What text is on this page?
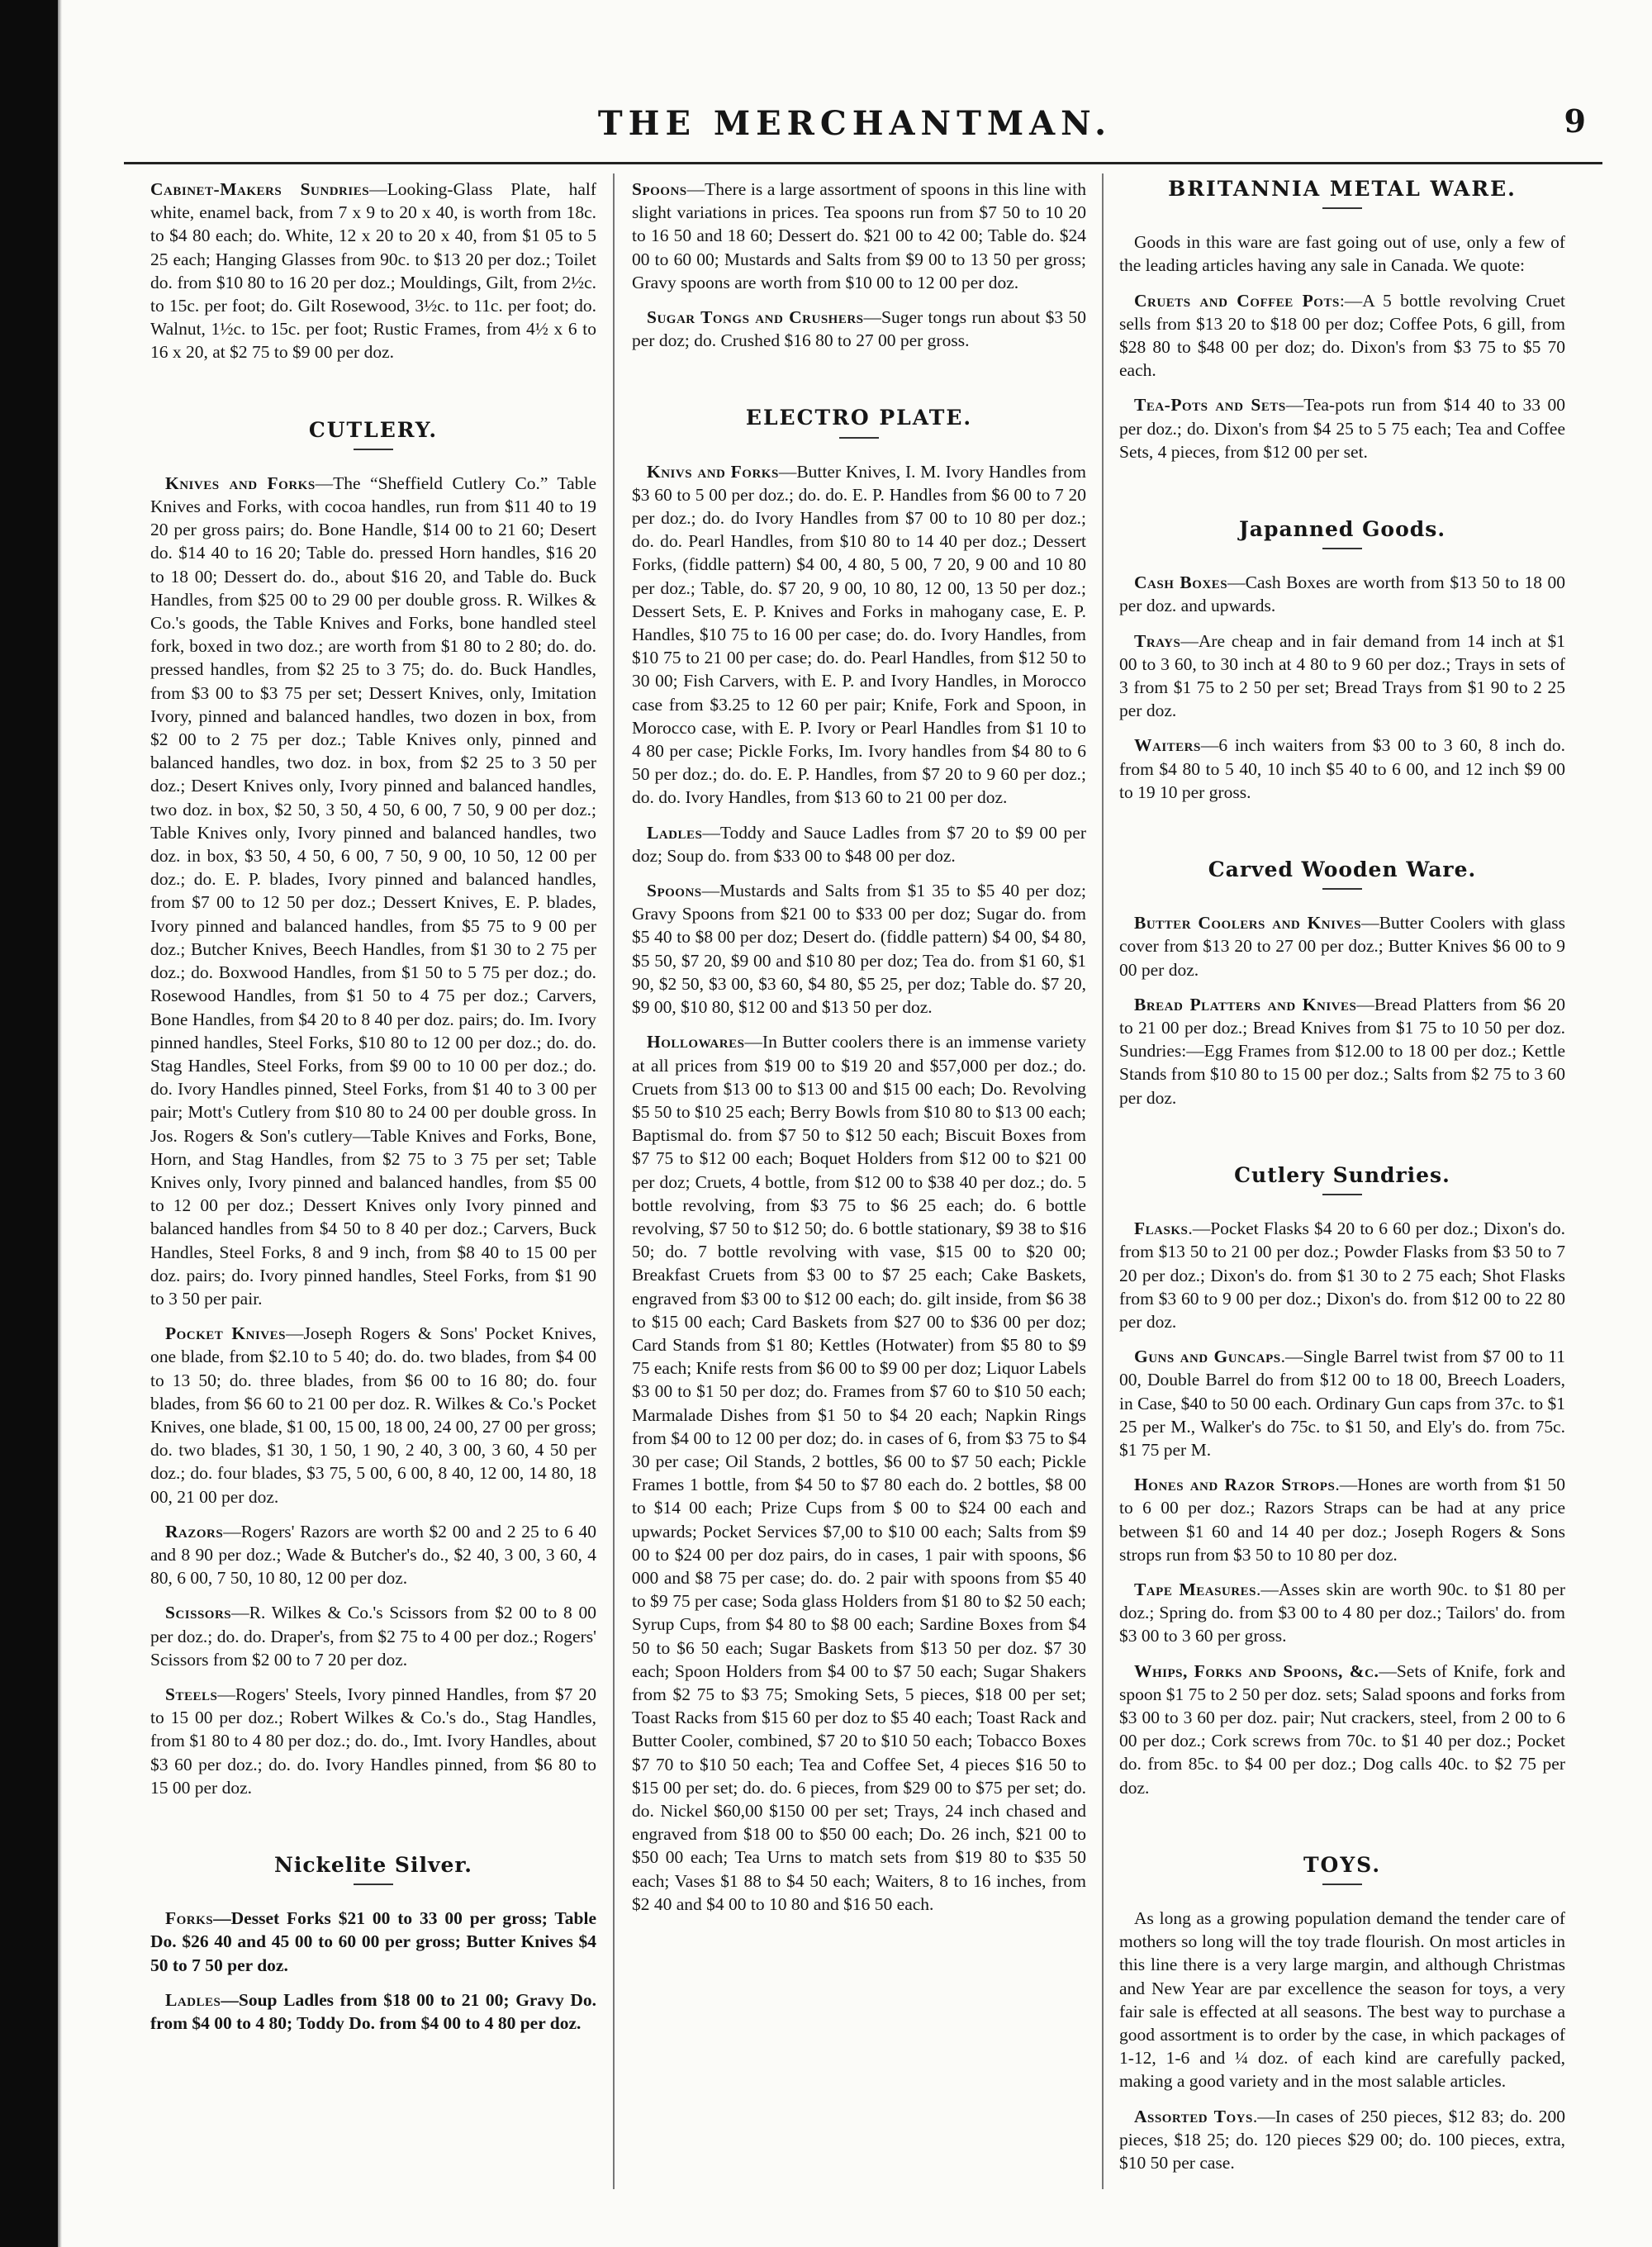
THE MERCHANTMAN.	9

Cabinet-Makers Sundries—Looking-Glass Plate, half white, enamel back, from 7 x 9 to 20 x 40, is worth from 18c. to $4 80 each; do. White, 12 x 20 to 20 x 40, from $1 05 to 5 25 each; Hanging Glasses from 90c. to $13 20 per doz.; Toilet do. from $10 80 to 16 20 per doz.; Mouldings, Gilt, from 2½c. to 15c. per foot; do. Gilt Rosewood, 3½c. to 11c. per foot; do. Walnut, 1½c. to 15c. per foot; Rustic Frames, from 4½ x 6 to 16 x 20, at $2 75 to $9 00 per doz.

CUTLERY.

Knives and Forks—The “Sheffield Cutlery Co.” Table Knives and Forks, with cocoa handles, run from $11 40 to 19 20 per gross pairs; do. Bone Handle, $14 00 to 21 60; Desert do. $14 40 to 16 20; Table do. pressed Horn handles, $16 20 to 18 00; Dessert do. do., about $16 20, and Table do. Buck Handles, from $25 00 to 29 00 per double gross. R. Wilkes & Co.'s goods, the Table Knives and Forks, bone handled steel fork, boxed in two doz.; are worth from $1 80 to 2 80; do. do. pressed handles, from $2 25 to 3 75; do. do. Buck Handles, from $3 00 to $3 75 per set; Dessert Knives, only, Imitation Ivory, pinned and balanced handles, two dozen in box, from $2 00 to 2 75 per doz.; Table Knives only, pinned and balanced handles, two doz. in box, from $2 25 to 3 50 per doz.; Desert Knives only, Ivory pinned and balanced handles, two doz. in box, $2 50, 3 50, 4 50, 6 00, 7 50, 9 00 per doz.; Table Knives only, Ivory pinned and balanced handles, two doz. in box, $3 50, 4 50, 6 00, 7 50, 9 00, 10 50, 12 00 per doz.; do. E. P. blades, Ivory pinned and balanced handles, from $7 00 to 12 50 per doz.; Dessert Knives, E. P. blades, Ivory pinned and balanced handles, from $5 75 to 9 00 per doz.; Butcher Knives, Beech Handles, from $1 30 to 2 75 per doz.; do. Boxwood Handles, from $1 50 to 5 75 per doz.; do. Rosewood Handles, from $1 50 to 4 75 per doz.; Carvers, Bone Handles, from $4 20 to 8 40 per doz. pairs; do. Im. Ivory pinned handles, Steel Forks, $10 80 to 12 00 per doz.; do. do. Stag Handles, Steel Forks, from $9 00 to 10 00 per doz.; do. do. Ivory Handles pinned, Steel Forks, from $1 40 to 3 00 per pair; Mott's Cutlery from $10 80 to 24 00 per double gross. In Jos. Rogers & Son's cutlery—Table Knives and Forks, Bone, Horn, and Stag Handles, from $2 75 to 3 75 per set; Table Knives only, Ivory pinned and balanced handles, from $5 00 to 12 00 per doz.; Dessert Knives only Ivory pinned and balanced handles from $4 50 to 8 40 per doz.; Carvers, Buck Handles, Steel Forks, 8 and 9 inch, from $8 40 to 15 00 per doz. pairs; do. Ivory pinned handles, Steel Forks, from $1 90 to 3 50 per pair.

Pocket Knives—Joseph Rogers & Sons' Pocket Knives, one blade, from $2.10 to 5 40; do. do. two blades, from $4 00 to 13 50; do. three blades, from $6 00 to 16 80; do. four blades, from $6 60 to 21 00 per doz. R. Wilkes & Co.'s Pocket Knives, one blade, $1 00, 15 00, 18 00, 24 00, 27 00 per gross; do. two blades, $1 30, 1 50, 1 90, 2 40, 3 00, 3 60, 4 50 per doz.; do. four blades, $3 75, 5 00, 6 00, 8 40, 12 00, 14 80, 18 00, 21 00 per doz.

Razors—Rogers' Razors are worth $2 00 and 2 25 to 6 40 and 8 90 per doz.; Wade & Butcher's do., $2 40, 3 00, 3 60, 4 80, 6 00, 7 50, 10 80, 12 00 per doz.

Scissors—R. Wilkes & Co.'s Scissors from $2 00 to 8 00 per doz.; do. do. Draper's, from $2 75 to 4 00 per doz.; Rogers' Scissors from $2 00 to 7 20 per doz.

Steels—Rogers' Steels, Ivory pinned Handles, from $7 20 to 15 00 per doz.; Robert Wilkes & Co.'s do., Stag Handles, from $1 80 to 4 80 per doz.; do. do., Imt. Ivory Handles, about $3 60 per doz.; do. do. Ivory Handles pinned, from $6 80 to 15 00 per doz.

Nickelite Silver.

Forks—Desset Forks $21 00 to 33 00 per gross; Table Do. $26 40 and 45 00 to 60 00 per gross; Butter Knives $4 50 to 7 50 per doz.

Ladles—Soup Ladles from $18 00 to 21 00; Gravy Do. from $4 00 to 4 80; Toddy Do. from $4 00 to 4 80 per doz.

Spoons—There is a large assortment of spoons in this line with slight variations in prices. Tea spoons run from $7 50 to 10 20 to 16 50 and 18 60; Dessert do. $21 00 to 42 00; Table do. $24 00 to 60 00; Mustards and Salts from $9 00 to 13 50 per gross; Gravy spoons are worth from $10 00 to 12 00 per doz.

Sugar Tongs and Crushers—Suger tongs run about $3 50 per doz; do. Crushed $16 80 to 27 00 per gross.

ELECTRO PLATE.

Knivs and Forks—Butter Knives, I. M. Ivory Handles from $3 60 to 5 00 per doz.; do. do. E. P. Handles from $6 00 to 7 20 per doz.; do. do Ivory Handles from $7 00 to 10 80 per doz.; do. do. Pearl Handles, from $10 80 to 14 40 per doz.; Dessert Forks, (fiddle pattern) $4 00, 4 80, 5 00, 7 20, 9 00 and 10 80 per doz.; Table, do. $7 20, 9 00, 10 80, 12 00, 13 50 per doz.; Dessert Sets, E. P. Knives and Forks in mahogany case, E. P. Handles, $10 75 to 16 00 per case; do. do. Ivory Handles, from $10 75 to 21 00 per case; do. do. Pearl Handles, from $12 50 to 30 00; Fish Carvers, with E. P. and Ivory Handles, in Morocco case from $3.25 to 12 60 per pair; Knife, Fork and Spoon, in Morocco case, with E. P. Ivory or Pearl Handles from $1 10 to 4 80 per case; Pickle Forks, Im. Ivory handles from $4 80 to 6 50 per doz.; do. do. E. P. Handles, from $7 20 to 9 60 per doz.; do. do. Ivory Handles, from $13 60 to 21 00 per doz.

Ladles—Toddy and Sauce Ladles from $7 20 to $9 00 per doz; Soup do. from $33 00 to $48 00 per doz.

Spoons—Mustards and Salts from $1 35 to $5 40 per doz; Gravy Spoons from $21 00 to $33 00 per doz; Sugar do. from $5 40 to $8 00 per doz; Desert do. (fiddle pattern) $4 00, $4 80, $5 50, $7 20, $9 00 and $10 80 per doz; Tea do. from $1 60, $1 90, $2 50, $3 00, $3 60, $4 80, $5 25, per doz; Table do. $7 20, $9 00, $10 80, $12 00 and $13 50 per doz.

Hollowares—In Butter coolers there is an immense variety at all prices from $19 00 to $19 20 and $57,000 per doz.; do. Cruets from $13 00 to $13 00 and $15 00 each; Do. Revolving $5 50 to $10 25 each; Berry Bowls from $10 80 to $13 00 each; Baptismal do. from $7 50 to $12 50 each; Biscuit Boxes from $7 75 to $12 00 each; Boquet Holders from $12 00 to $21 00 per doz; Cruets, 4 bottle, from $12 00 to $38 40 per doz.; do. 5 bottle revolving, from $3 75 to $6 25 each; do. 6 bottle revolving, $7 50 to $12 50; do. 6 bottle stationary, $9 38 to $16 50; do. 7 bottle revolving with vase, $15 00 to $20 00; Breakfast Cruets from $3 00 to $7 25 each; Cake Baskets, engraved from $3 00 to $12 00 each; do. gilt inside, from $6 38 to $15 00 each; Card Baskets from $27 00 to $36 00 per doz; Card Stands from $1 80; Kettles (Hotwater) from $5 80 to $9 75 each; Knife rests from $6 00 to $9 00 per doz; Liquor Labels $3 00 to $1 50 per doz; do. Frames from $7 60 to $10 50 each; Marmalade Dishes from $1 50 to $4 20 each; Napkin Rings from $4 00 to 12 00 per doz; do. in cases of 6, from $3 75 to $4 30 per case; Oil Stands, 2 bottles, $6 00 to $7 50 each; Pickle Frames 1 bottle, from $4 50 to $7 80 each do. 2 bottles, $8 00 to $14 00 each; Prize Cups from $ 00 to $24 00 each and upwards; Pocket Services $7,00 to $10 00 each; Salts from $9 00 to $24 00 per doz pairs, do in cases, 1 pair with spoons, $6 000 and $8 75 per case; do. do. 2 pair with spoons from $5 40 to $9 75 per case; Soda glass Holders from $1 80 to $2 50 each; Syrup Cups, from $4 80 to $8 00 each; Sardine Boxes from $4 50 to $6 50 each; Sugar Baskets from $13 50 per doz. $7 30 each; Spoon Holders from $4 00 to $7 50 each; Sugar Shakers from $2 75 to $3 75; Smoking Sets, 5 pieces, $18 00 per set; Toast Racks from $15 60 per doz to $5 40 each; Toast Rack and Butter Cooler, combined, $7 20 to $10 50 each; Tobacco Boxes $7 70 to $10 50 each; Tea and Coffee Set, 4 pieces $16 50 to $15 00 per set; do. do. 6 pieces, from $29 00 to $75 per set; do. do. Nickel $60,00 $150 00 per set; Trays, 24 inch chased and engraved from $18 00 to $50 00 each; Do. 26 inch, $21 00 to $50 00 each; Tea Urns to match sets from $19 80 to $35 50 each; Vases $1 88 to $4 50 each; Waiters, 8 to 16 inches, from $2 40 and $4 00 to 10 80 and $16 50 each.

BRITANNIA METAL WARE.

Goods in this ware are fast going out of use, only a few of the leading articles having any sale in Canada. We quote:

Cruets and Coffee Pots:—A 5 bottle revolving Cruet sells from $13 20 to $18 00 per doz; Coffee Pots, 6 gill, from $28 80 to $48 00 per doz; do. Dixon's from $3 75 to $5 70 each.

Tea-Pots and Sets—Tea-pots run from $14 40 to 33 00 per doz.; do. Dixon's from $4 25 to 5 75 each; Tea and Coffee Sets, 4 pieces, from $12 00 per set.

Japanned Goods.

Cash Boxes—Cash Boxes are worth from $13 50 to 18 00 per doz. and upwards.

Trays—Are cheap and in fair demand from 14 inch at $1 00 to 3 60, to 30 inch at 4 80 to 9 60 per doz.; Trays in sets of 3 from $1 75 to 2 50 per set; Bread Trays from $1 90 to 2 25 per doz.

Waiters—6 inch waiters from $3 00 to 3 60, 8 inch do. from $4 80 to 5 40, 10 inch $5 40 to 6 00, and 12 inch $9 00 to 19 10 per gross.

Carved Wooden Ware.

Butter Coolers and Knives—Butter Coolers with glass cover from $13 20 to 27 00 per doz.; Butter Knives $6 00 to 9 00 per doz.

Bread Platters and Knives—Bread Platters from $6 20 to 21 00 per doz.; Bread Knives from $1 75 to 10 50 per doz. Sundries:—Egg Frames from $12.00 to 18 00 per doz.; Kettle Stands from $10 80 to 15 00 per doz.; Salts from $2 75 to 3 60 per doz.

Cutlery Sundries.

Flasks.—Pocket Flasks $4 20 to 6 60 per doz.; Dixon's do. from $13 50 to 21 00 per doz.; Powder Flasks from $3 50 to 7 20 per doz.; Dixon's do. from $1 30 to 2 75 each; Shot Flasks from $3 60 to 9 00 per doz.; Dixon's do. from $12 00 to 22 80 per doz.

Guns and Guncaps.—Single Barrel twist from $7 00 to 11 00, Double Barrel do from $12 00 to 18 00, Breech Loaders, in Case, $40 to 50 00 each. Ordinary Gun caps from 37c. to $1 25 per M., Walker's do 75c. to $1 50, and Ely's do. from 75c. $1 75 per M.

Hones and Razor Strops.—Hones are worth from $1 50 to 6 00 per doz.; Razors Straps can be had at any price between $1 60 and 14 40 per doz.; Joseph Rogers & Sons strops run from $3 50 to 10 80 per doz.

Tape Measures.—Asses skin are worth 90c. to $1 80 per doz.; Spring do. from $3 00 to 4 80 per doz.; Tailors' do. from $3 00 to 3 60 per gross.

Whips, Forks and Spoons, &c.—Sets of Knife, fork and spoon $1 75 to 2 50 per doz. sets; Salad spoons and forks from $3 00 to 3 60 per doz. pair; Nut crackers, steel, from 2 00 to 6 00 per doz.; Cork screws from 70c. to $1 40 per doz.; Pocket do. from 85c. to $4 00 per doz.; Dog calls 40c. to $2 75 per doz.

TOYS.

As long as a growing population demand the tender care of mothers so long will the toy trade flourish. On most articles in this line there is a very large margin, and although Christmas and New Year are par excellence the season for toys, a very fair sale is effected at all seasons. The best way to purchase a good assortment is to order by the case, in which packages of 1-12, 1-6 and ¼ doz. of each kind are carefully packed, making a good variety and in the most salable articles.

Assorted Toys.—In cases of 250 pieces, $12 83; do. 200 pieces, $18 25; do. 120 pieces $29 00; do. 100 pieces, extra, $10 50 per case.
